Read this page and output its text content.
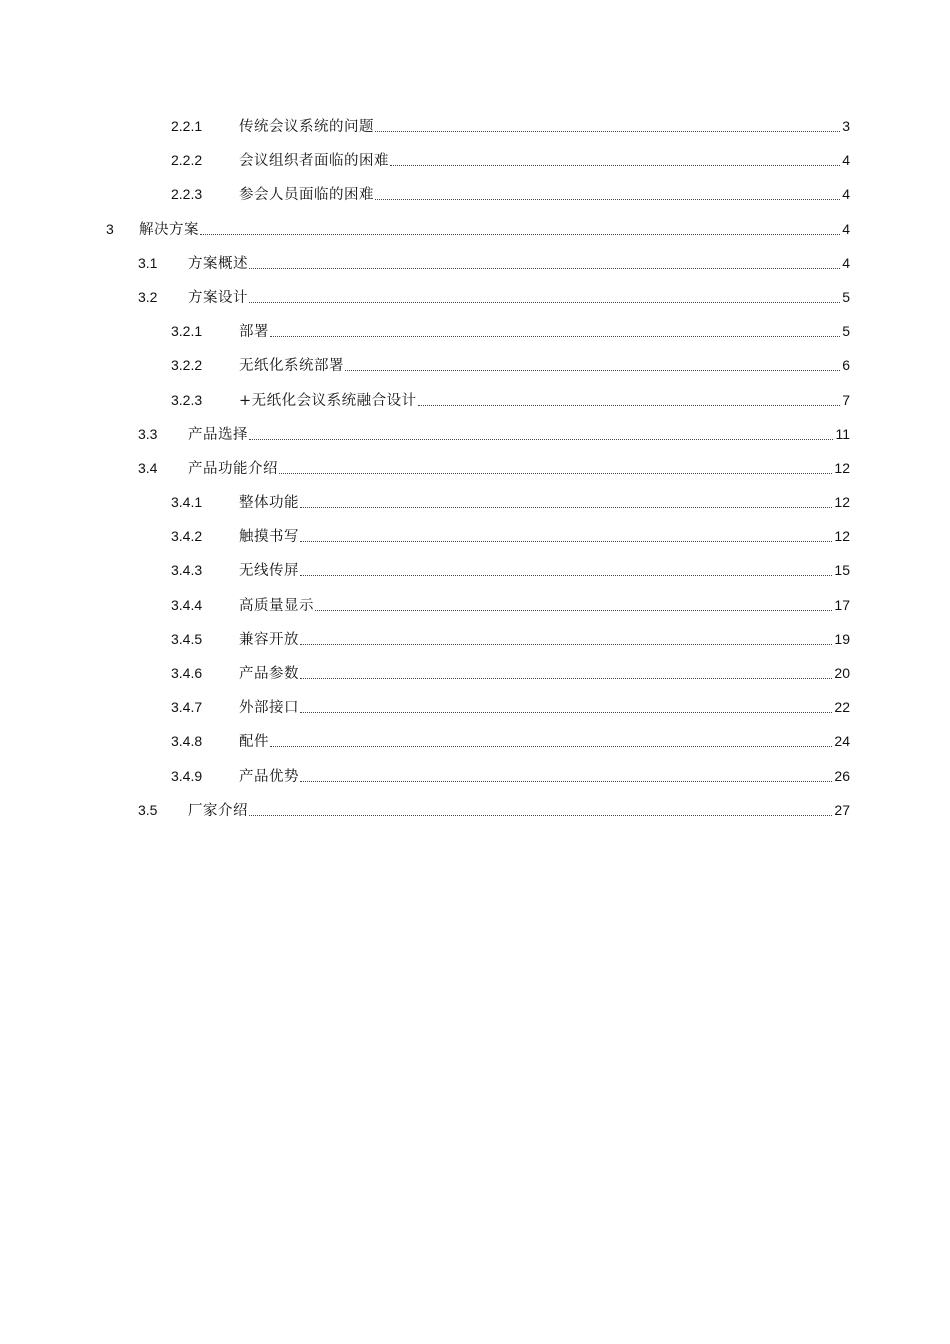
2.2.1	传统会议系统的问题	3
2.2.2	会议组织者面临的困难	4
2.2.3	参会人员面临的困难	4
3 解决方案	4
3.1 方案概述	4
3.2 方案设计	5
3.2.1	部署	5
3.2.2	无纸化系统部署	6
3.2.3	+无纸化会议系统融合设计	7
3.3 产品选择	11
3.4 产品功能介绍	12
3.4.1	整体功能	12
3.4.2	触摸书写	12
3.4.3	无线传屏	15
3.4.4	高质量显示	17
3.4.5	兼容开放	19
3.4.6	产品参数	20
3.4.7	外部接口	22
3.4.8	配件	24
3.4.9	产品优势	26
3.5 厂家介绍	27
